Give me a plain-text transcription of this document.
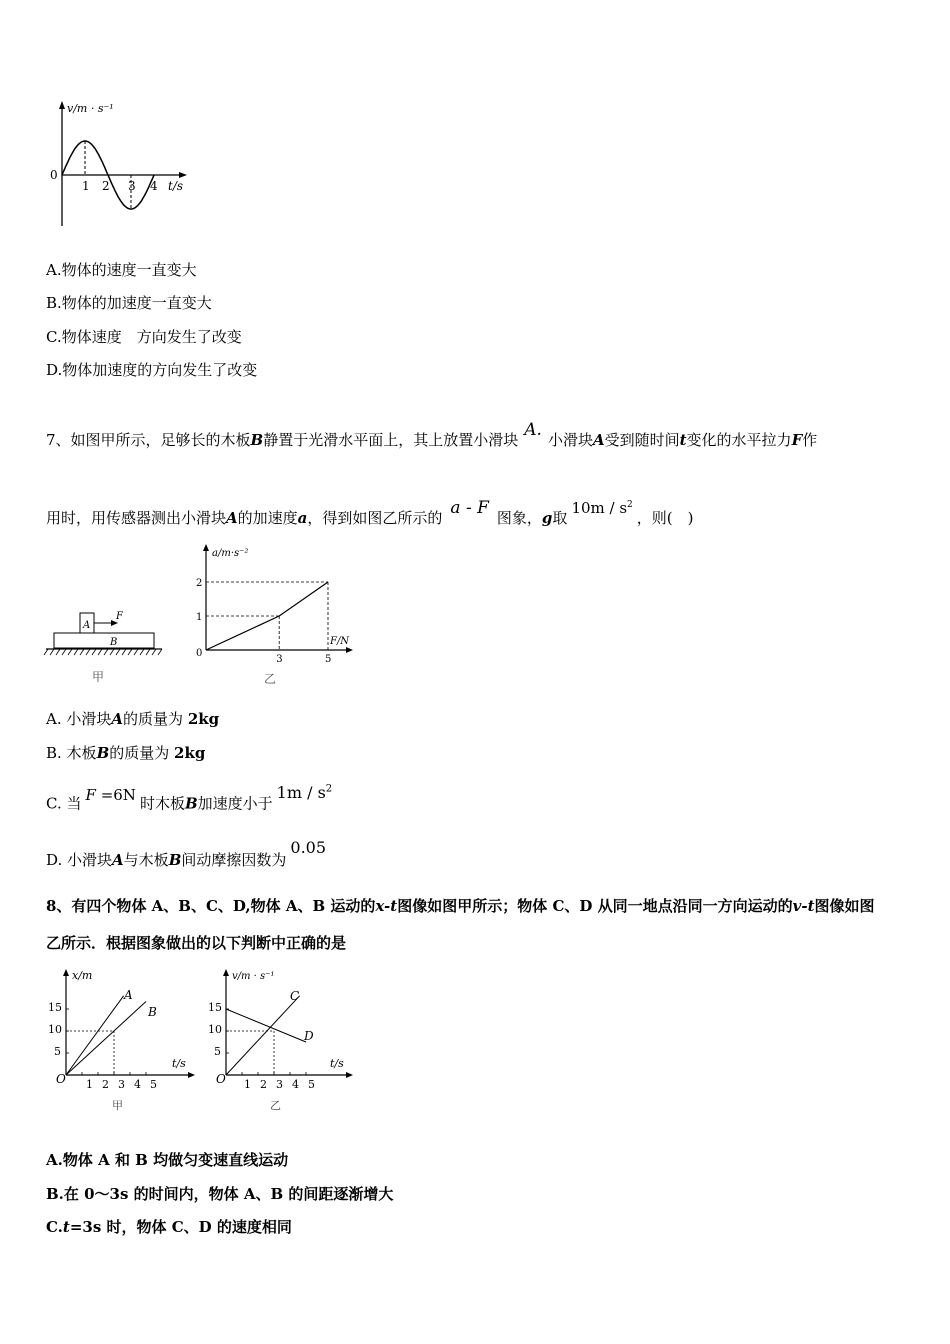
v/m · s⁻¹
0
1 2 3 4 t/s
A.物体的速度一直变大
B.物体的加速度一直变大
C.物体速度　方向发生了改变
D.物体加速度的方向发生了改变
7、如图甲所示，足够长的木板B静置于光滑水平面上，其上放置小滑块 A. 小滑块A受到随时间t变化的水平拉力F作
用时，用传感器测出小滑块A的加速度a，得到如图乙所示的 a - F 图象，g取$10m / s^2$，则(　)
A
F
B
甲
a/m·s⁻²
F/N
0
3	5
1
2
乙
A. 小滑块A的质量为 2kg
B. 木板B的质量为 2kg
C. 当 F =6N 时木板B加速度小于$1m / s^2$
D. 小滑块A与木板B间动摩擦因数为0.05
8、有四个物体 A、B、C、D,物体 A、B 运动的x-t图像如图甲所示；物体 C、D 从同一地点沿同一方向运动的v-t图像如图
乙所示．根据图象做出的以下判断中正确的是
x/m
t/s
O
A
B
1 2 3 4 5
5
10
15
甲
v/m · s⁻¹
t/s
O
C
D
1 2 3 4 5
5
10
15
乙
A.物体 A 和 B 均做匀变速直线运动
B.在 0～3s 的时间内，物体 A、B 的间距逐渐增大
C.t=3s 时，物体 C、D 的速度相同
